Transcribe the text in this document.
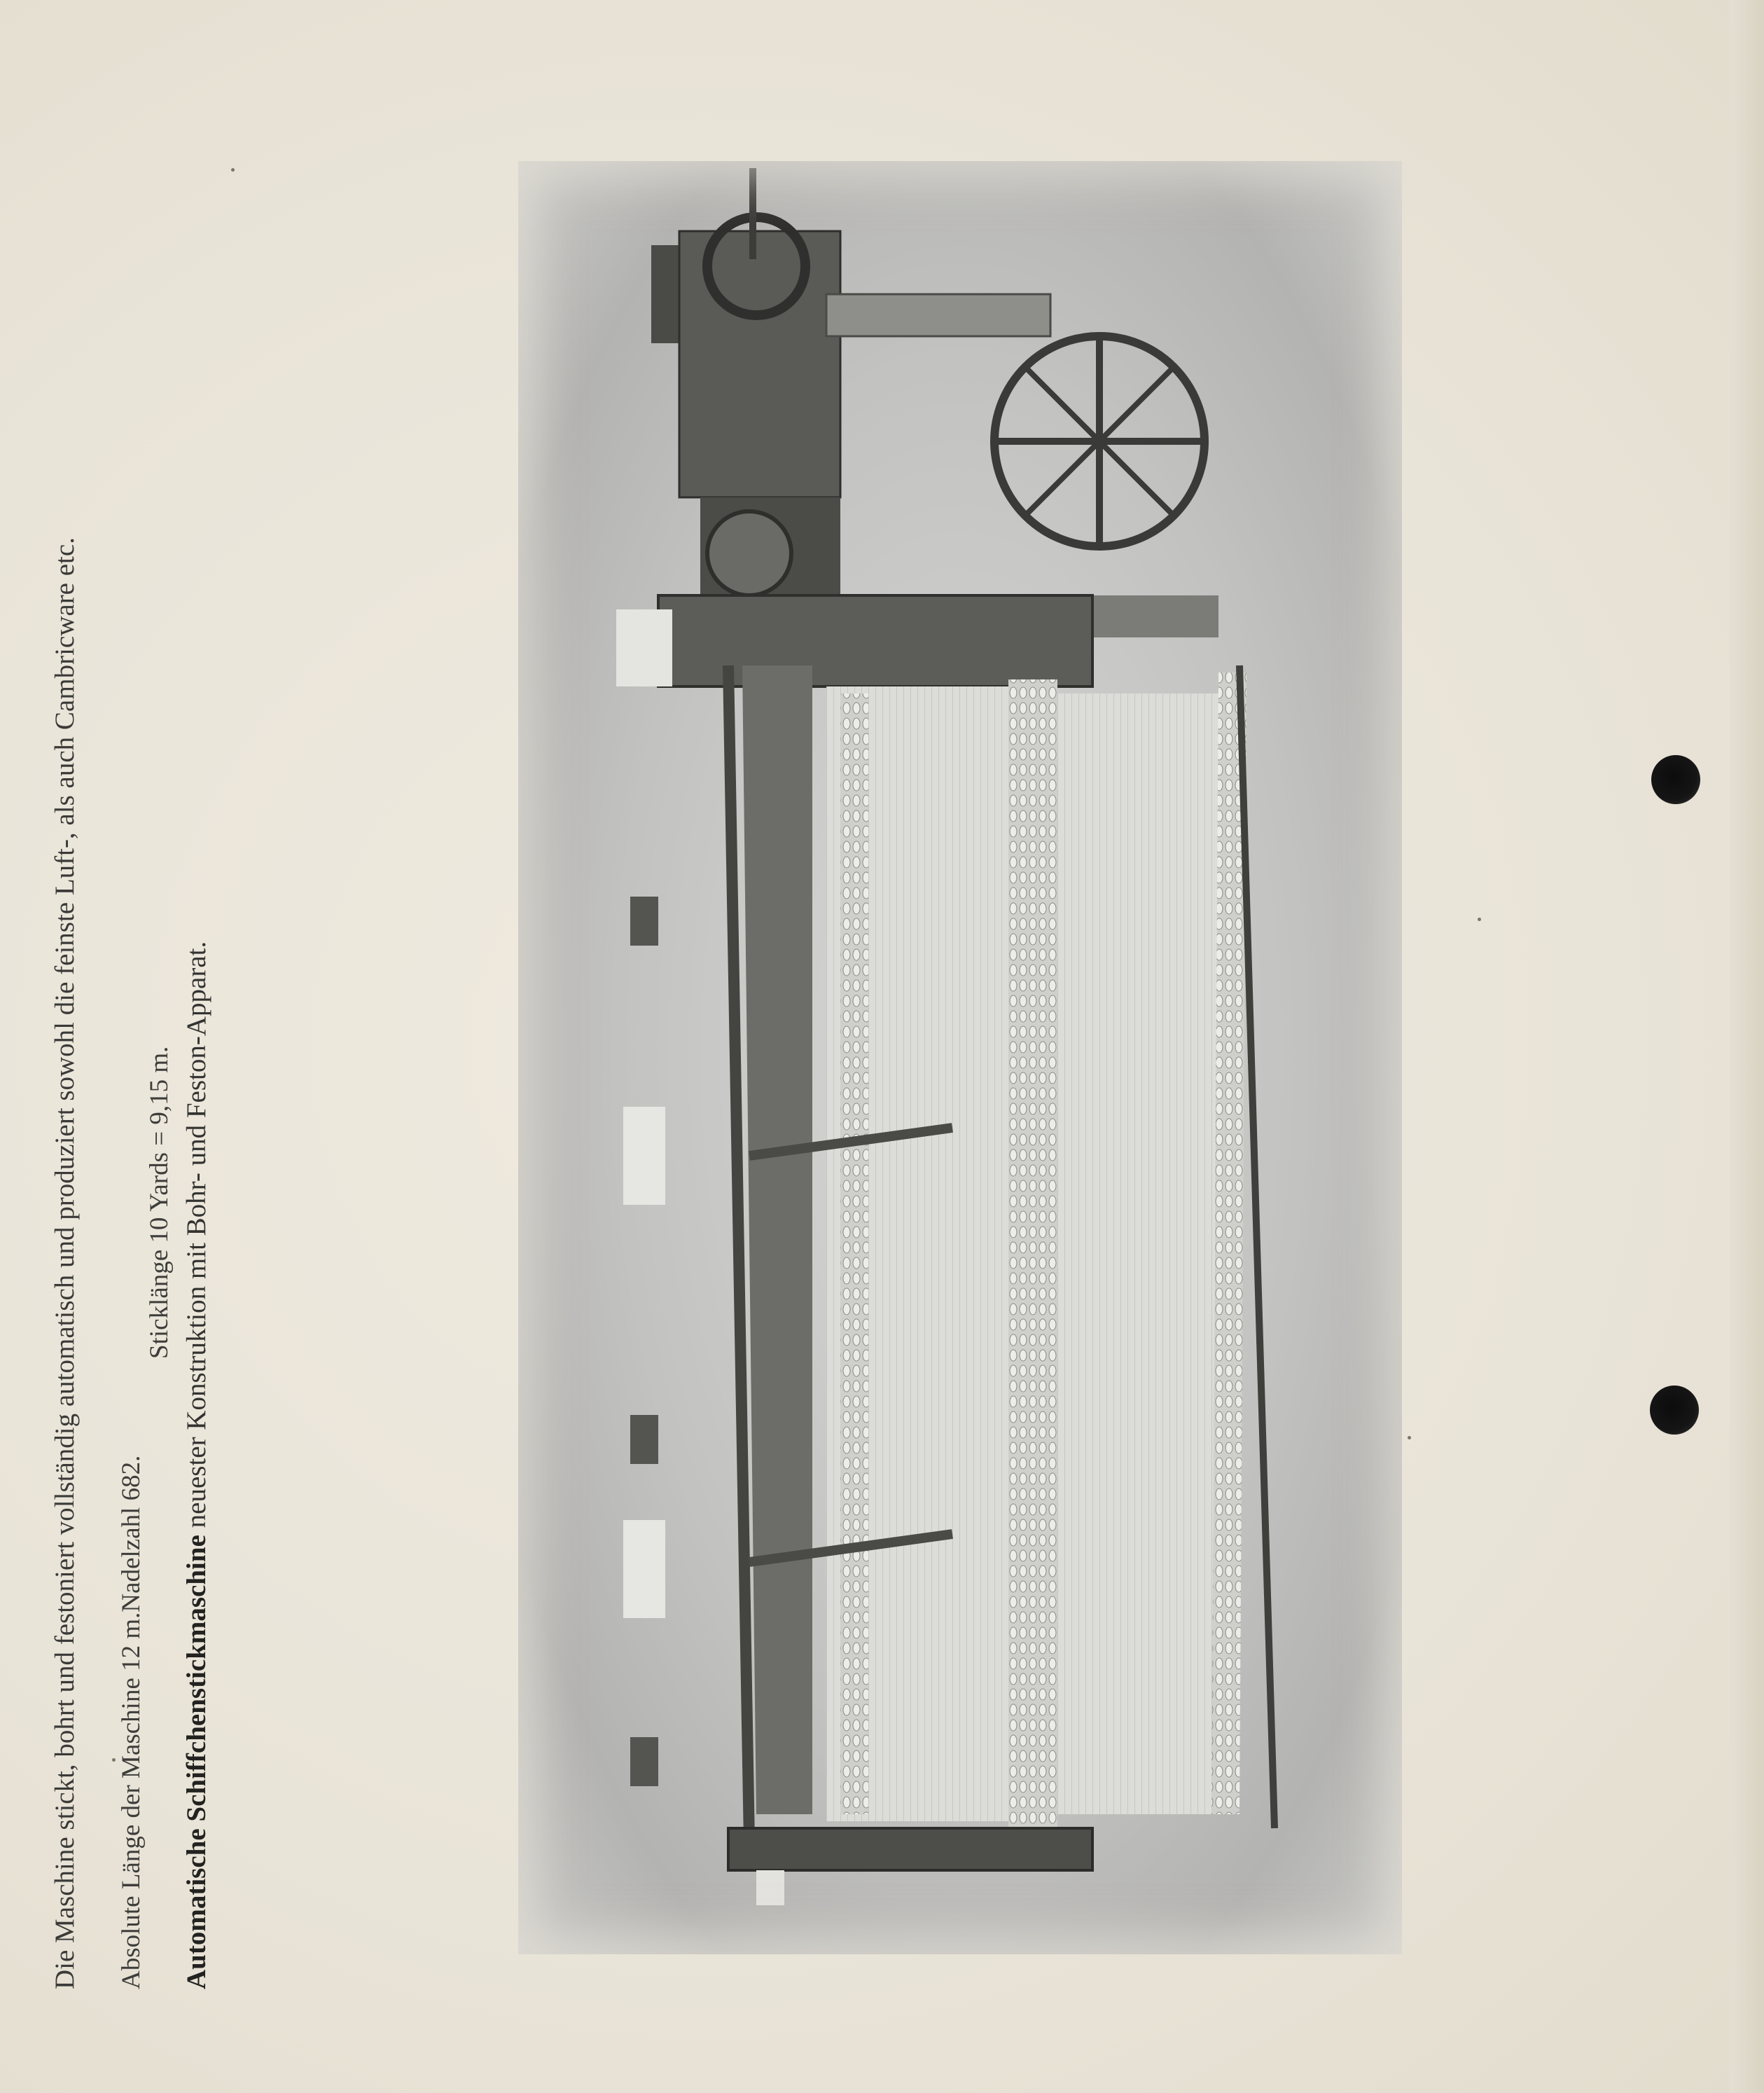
Die Maschine stickt, bohrt und festoniert vollständig automatisch und produziert sowohl die feinste Luft-, als auch Cambricware etc. Absolute Länge der Maschine 12 m.Nadelzahl 682.
Sticklänge 10 Yards = 9,15 m.
Automatische Schiffchenstickmaschine neuester Konstruktion mit Bohr- und Feston-Apparat.
